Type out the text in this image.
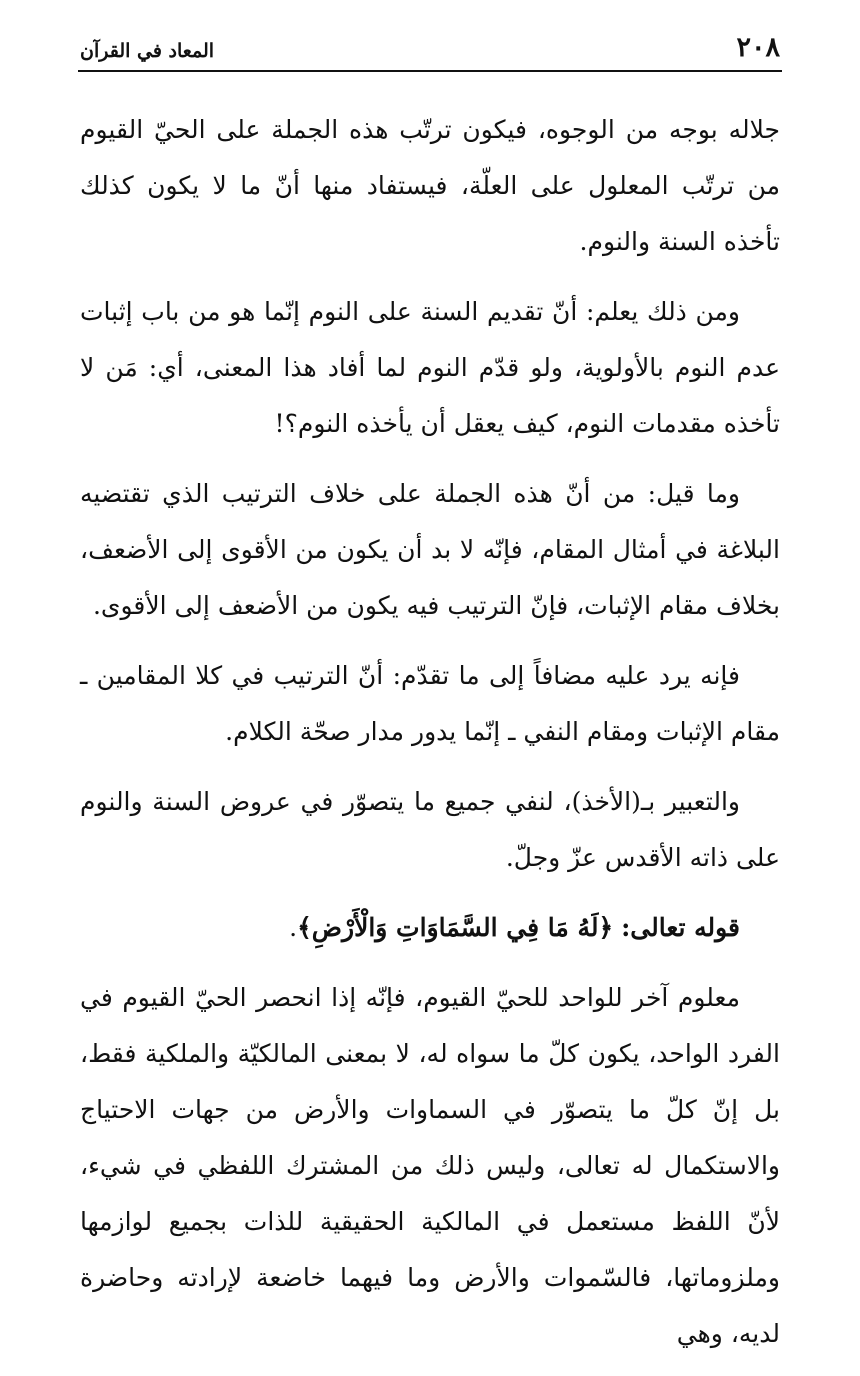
٢٠٨
المعاد في القرآن

جلاله بوجه من الوجوه، فيكون ترتّب هذه الجملة على الحيّ القيوم من ترتّب المعلول على العلّة، فيستفاد منها أنّ ما لا يكون كذلك تأخذه السنة والنوم.

ومن ذلك يعلم: أنّ تقديم السنة على النوم إنّما هو من باب إثبات عدم النوم بالأولوية، ولو قدّم النوم لما أفاد هذا المعنى، أي: مَن لا تأخذه مقدمات النوم، كيف يعقل أن يأخذه النوم؟!

وما قيل: من أنّ هذه الجملة على خلاف الترتيب الذي تقتضيه البلاغة في أمثال المقام، فإنّه لا بد أن يكون من الأقوى إلى الأضعف، بخلاف مقام الإثبات، فإنّ الترتيب فيه يكون من الأضعف إلى الأقوى.

فإنه يرد عليه مضافاً إلى ما تقدّم: أنّ الترتيب في كلا المقامين ـ مقام الإثبات ومقام النفي ـ إنّما يدور مدار صحّة الكلام.

والتعبير بـ(الأخذ)، لنفي جميع ما يتصوّر في عروض السنة والنوم على ذاته الأقدس عزّ وجلّ.

قوله تعالى: ﴿لَهُ مَا فِي السَّمَاوَاتِ وَالْأَرْضِ﴾.

معلوم آخر للواحد للحيّ القيوم، فإنّه إذا انحصر الحيّ القيوم في الفرد الواحد، يكون كلّ ما سواه له، لا بمعنى المالكيّة والملكية فقط، بل إنّ كلّ ما يتصوّر في السماوات والأرض من جهات الاحتياج والاستكمال له تعالى، وليس ذلك من المشترك اللفظي في شيء، لأنّ اللفظ مستعمل في المالكية الحقيقية للذات بجميع لوازمها وملزوماتها، فالسّموات والأرض وما فيهما خاضعة لإرادته وحاضرة لديه، وهي
